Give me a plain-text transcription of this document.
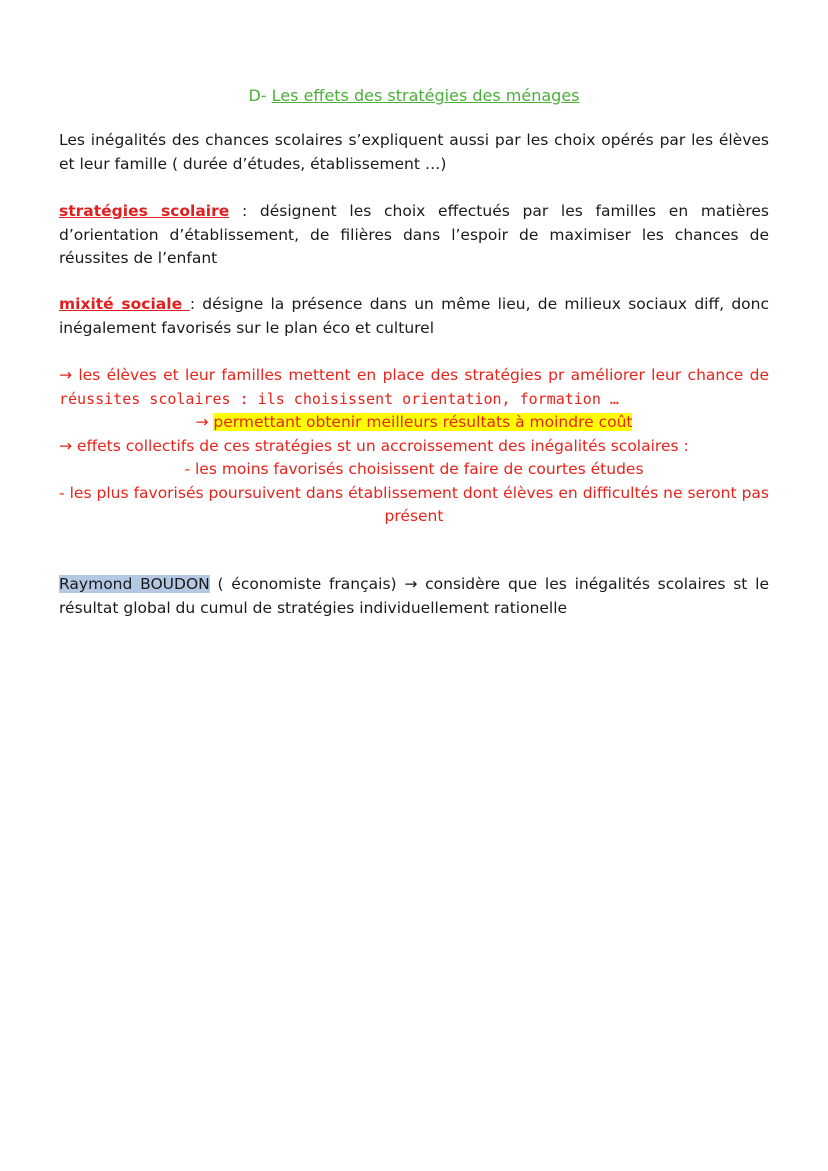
D- Les effets des stratégies des ménages
Les inégalités des chances scolaires s’expliquent aussi par les choix opérés par les élèves et leur famille ( durée d’études, établissement …)
stratégies scolaire : désignent les choix effectués par les familles en matières d’orientation d’établissement, de filières dans l’espoir de maximiser les chances de réussites de l’enfant
mixité sociale : désigne la présence dans un même lieu, de milieux sociaux diff, donc inégalement favorisés sur le plan éco et culturel
→ les élèves et leur familles mettent en place des stratégies pr améliorer leur chance de
réussites scolaires : ils choisissent orientation, formation …
→ permettant obtenir meilleurs résultats à moindre coût
→ effets collectifs de ces stratégies st un accroissement des inégalités scolaires :
- les moins favorisés choisissent de faire de courtes études
- les plus favorisés poursuivent dans établissement dont élèves en difficultés ne seront pas
présent
Raymond BOUDON ( économiste français) → considère que les inégalités scolaires st le résultat global du cumul de stratégies individuellement rationelle
